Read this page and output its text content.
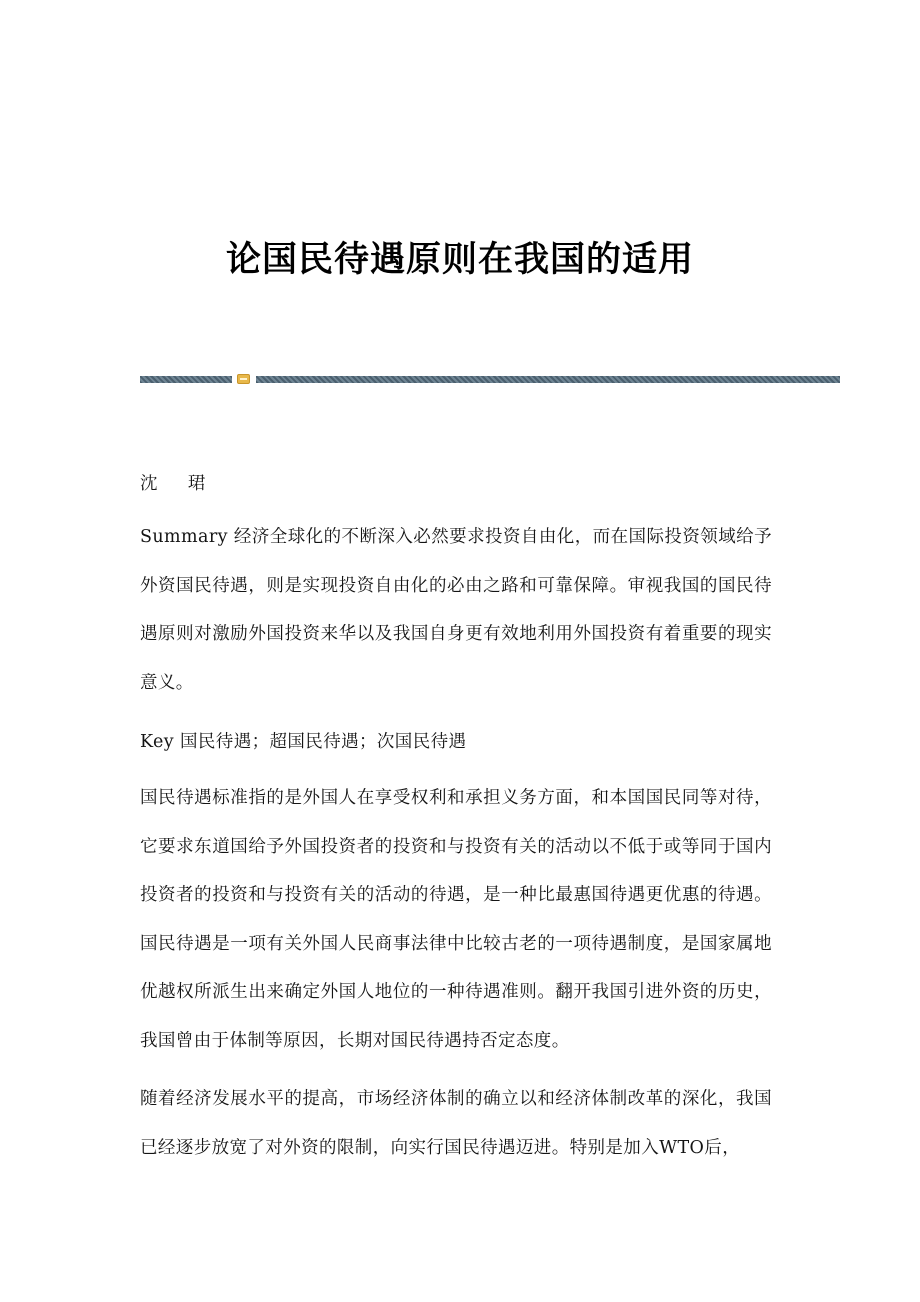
论国民待遇原则在我国的适用

沈 珺

Summary 经济全球化的不断深入必然要求投资自由化，而在国际投资领域给予外资国民待遇，则是实现投资自由化的必由之路和可靠保障。审视我国的国民待遇原则对激励外国投资来华以及我国自身更有效地利用外国投资有着重要的现实意义。

Key 国民待遇；超国民待遇；次国民待遇

国民待遇标准指的是外国人在享受权利和承担义务方面，和本国国民同等对待，它要求东道国给予外国投资者的投资和与投资有关的活动以不低于或等同于国内投资者的投资和与投资有关的活动的待遇，是一种比最惠国待遇更优惠的待遇。国民待遇是一项有关外国人民商事法律中比较古老的一项待遇制度，是国家属地优越权所派生出来确定外国人地位的一种待遇准则。翻开我国引进外资的历史，我国曾由于体制等原因，长期对国民待遇持否定态度。

随着经济发展水平的提高，市场经济体制的确立以和经济体制改革的深化，我国已经逐步放宽了对外资的限制，向实行国民待遇迈进。特别是加入WTO后，
